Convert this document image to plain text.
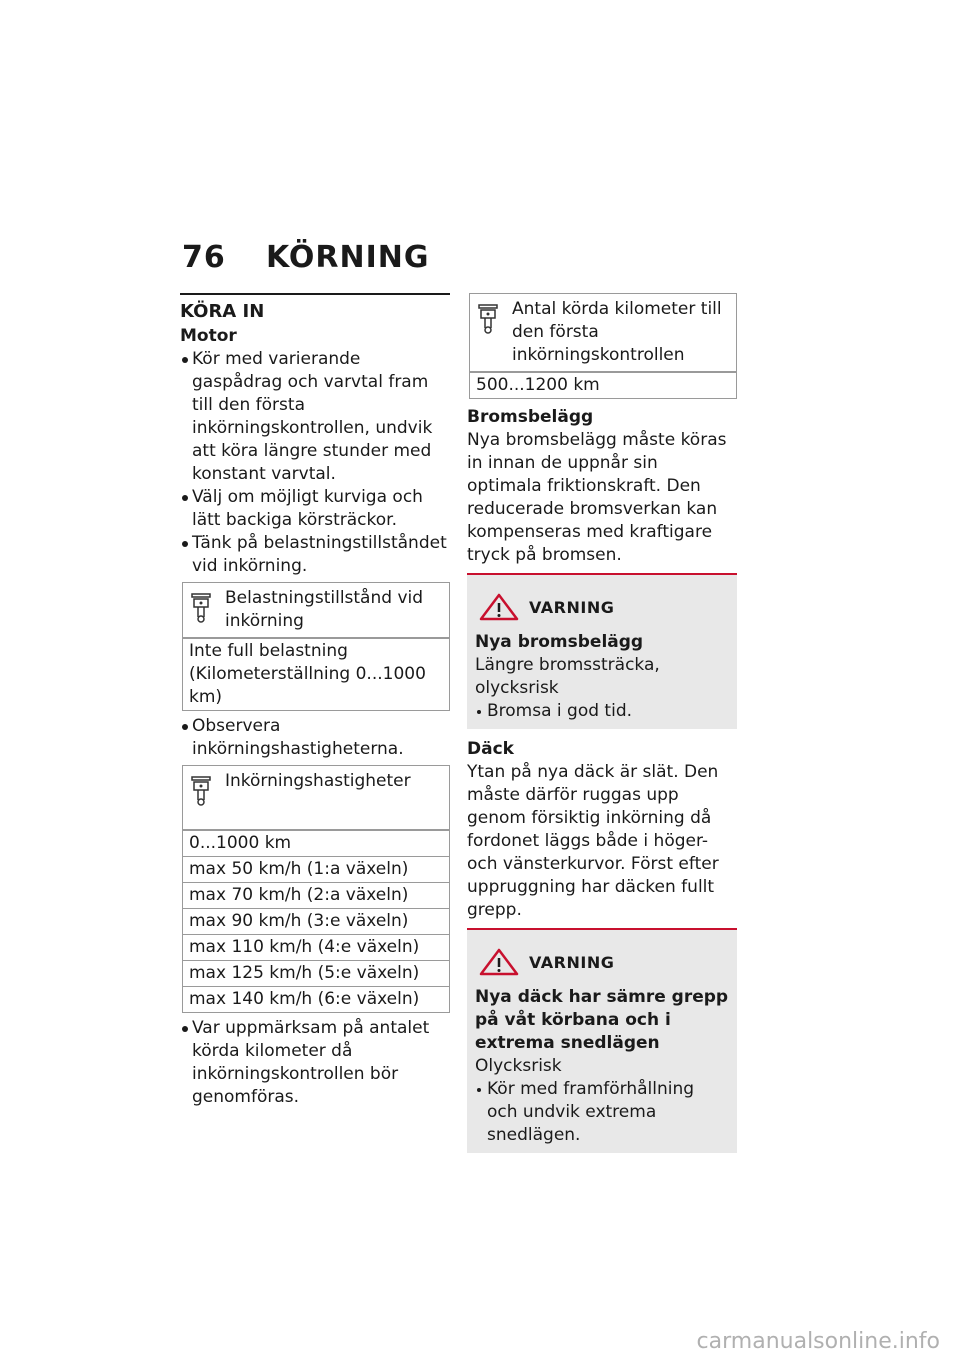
76 KÖRNING
KÖRA IN
Motor
Kör med varierande gaspådrag och varvtal fram till den första inkörningskontrollen, undvik att köra längre stunder med konstant varvtal.
Välj om möjligt kurviga och lätt backiga körsträckor.
Tänk på belastningstillståndet vid inkörning.
Belastningstillstånd vid inkörning
Inte full belastning (Kilometerställning 0...1000 km)
Observera inkörningshastigheterna.
Inkörningshastigheter
0...1000 km
max 50 km/h (1:a växeln)
max 70 km/h (2:a växeln)
max 90 km/h (3:e växeln)
max 110 km/h (4:e växeln)
max 125 km/h (5:e växeln)
max 140 km/h (6:e växeln)
Var uppmärksam på antalet körda kilometer då inkörningskontrollen bör genomföras.
Antal körda kilometer till den första inkörningskontrollen
500...1200 km
Bromsbelägg
Nya bromsbelägg måste köras in innan de uppnår sin optimala friktionskraft. Den reducerade bromsverkan kan kompenseras med kraftigare tryck på bromsen.
VARNING
Nya bromsbelägg
Längre bromssträcka, olycksrisk
Bromsa i god tid.
Däck
Ytan på nya däck är slät. Den måste därför ruggas upp genom försiktig inkörning då fordonet läggs både i höger- och vänsterkurvor. Först efter uppruggning har däcken fullt grepp.
VARNING
Nya däck har sämre grepp på våt körbana och i extrema snedlägen
Olycksrisk
Kör med framförhållning och undvik extrema snedlägen.
carmanualsonline.info
